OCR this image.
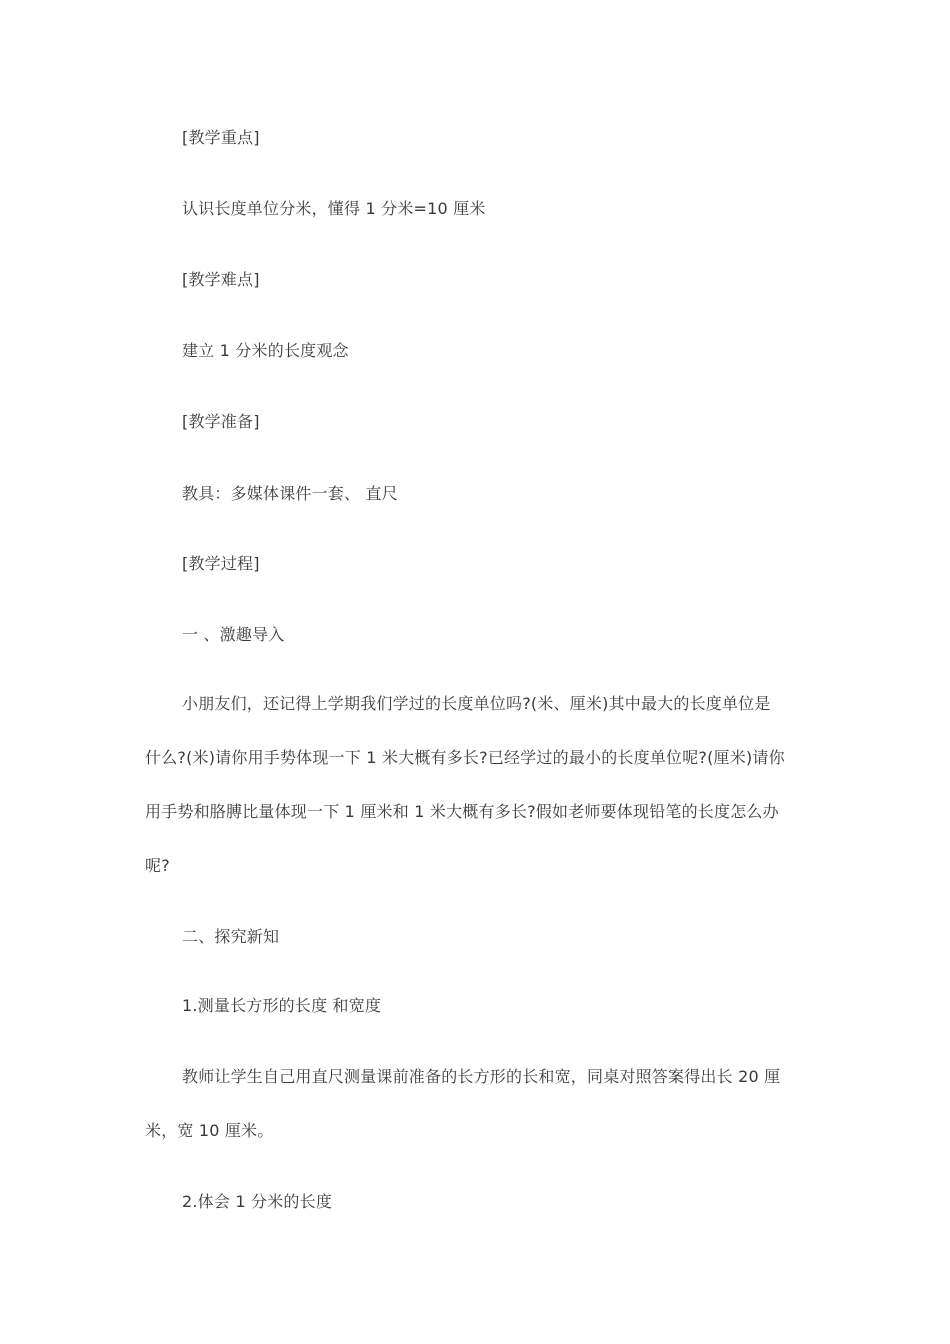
[教学重点]
认识长度单位分米，懂得 1 分米=10 厘米
[教学难点]
建立 1 分米的长度观念
[教学准备]
教具：多媒体课件一套、 直尺
[教学过程]
一 、激趣导入
小朋友们，还记得上学期我们学过的长度单位吗?(米、厘米)其中最大的长度单位是
什么?(米)请你用手势体现一下 1 米大概有多长?已经学过的最小的长度单位呢?(厘米)请你
用手势和胳膊比量体现一下 1 厘米和 1 米大概有多长?假如老师要体现铅笔的长度怎么办
呢?
二、探究新知
1.测量长方形的长度 和宽度
教师让学生自己用直尺测量课前准备的长方形的长和宽，同桌对照答案得出长 20 厘
米，宽 10 厘米。
2.体会 1 分米的长度
